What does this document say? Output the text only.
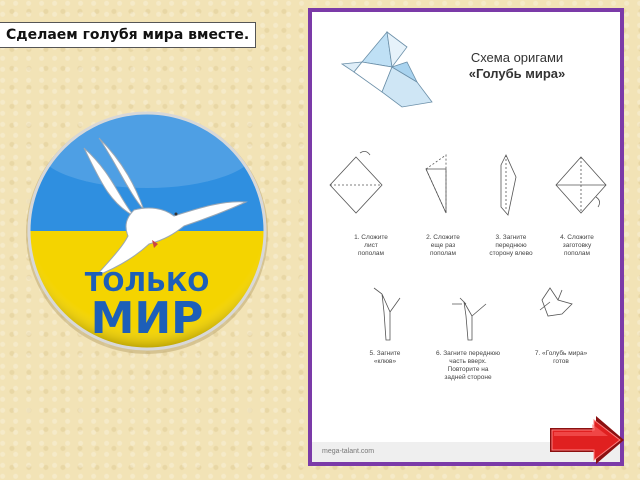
Сделаем голубя мира вместе.
ТОЛЬКО
МИР
Схема оригами
«Голубь мира»
1. Сложите
лист
пополам
2. Сложите
еще раз
пополам
3. Загните
переднюю
сторону влево
4. Сложите
заготовку
пополам
5. Загните
«клюв»
6. Загните переднюю
часть вверх.
Повторите на
задней стороне
7. «Голубь мира»
готов
mega-talant.com
